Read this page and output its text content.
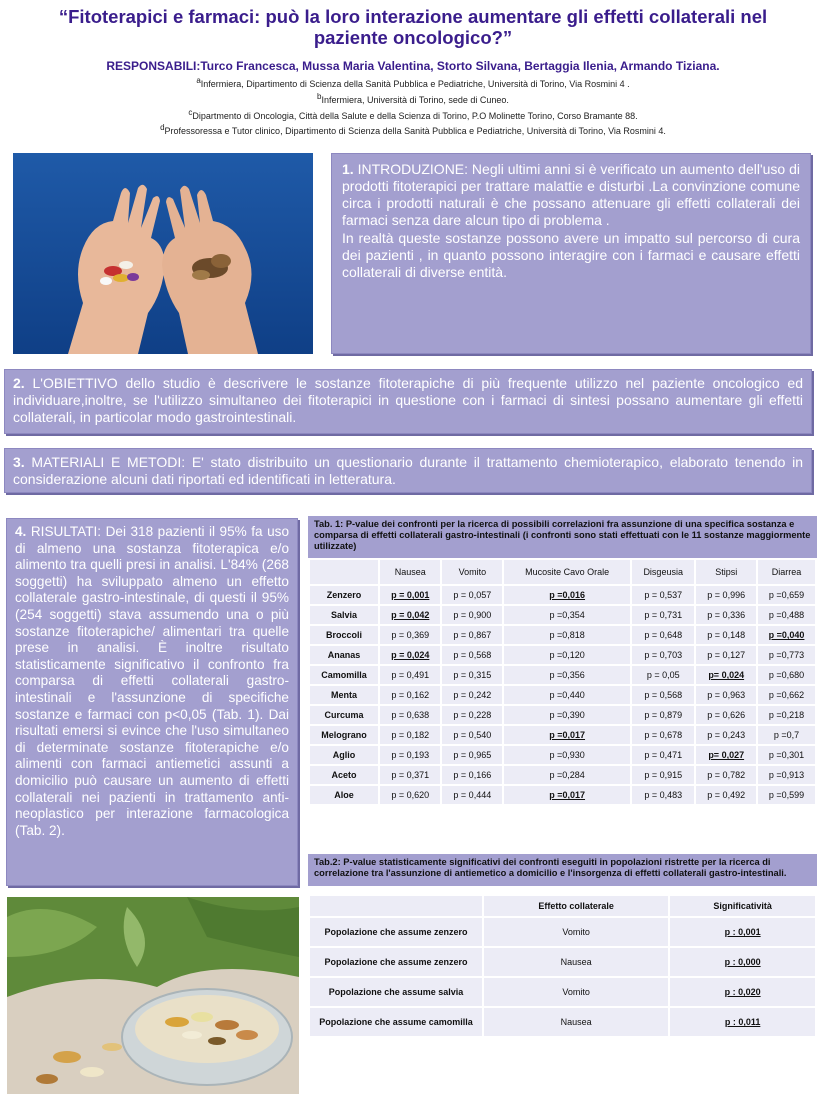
“Fitoterapici e farmaci: può la loro interazione aumentare gli effetti collaterali nel paziente oncologico?”
RESPONSABILI:Turco Francesca, Mussa Maria Valentina, Storto Silvana, Bertaggia Ilenia, Armando Tiziana.
$^a$Infermiera, Dipartimento di Scienza della Sanità Pubblica e Pediatriche, Università di Torino, Via Rosmini 4 .
$^b$Infermiera, Università di Torino, sede di Cuneo.
$^c$Dipartmento di Oncologia, Città della Salute e della Scienza di Torino, P.O Molinette Torino, Corso Bramante 88.
$^d$Professoressa e Tutor clinico, Dipartimento di Scienza della Sanità Pubblica e Pediatriche, Università di Torino, Via Rosmini 4.
1. INTRODUZIONE: Negli ultimi anni si è verificato un aumento dell'uso di prodotti fitoterapici per trattare malattie e disturbi .La convinzione comune circa i prodotti naturali è che possano attenuare gli effetti collaterali dei farmaci senza dare alcun tipo di problema .
In realtà queste sostanze possono avere un impatto sul percorso di cura dei pazienti , in quanto possono interagire con i farmaci e causare effetti collaterali di diverse entità.
2. L'OBIETTIVO dello studio è descrivere le sostanze fitoterapiche di più frequente utilizzo nel paziente oncologico ed individuare,inoltre, se l'utilizzo simultaneo dei fitoterapici in questione con i farmaci di sintesi possano aumentare gli effetti collaterali, in particolar modo gastrointestinali.
3. MATERIALI E METODI: E' stato distribuito un questionario durante il trattamento chemioterapico, elaborato tenendo in considerazione alcuni dati riportati ed identificati in letteratura.
4. RISULTATI: Dei 318 pazienti il 95% fa uso di almeno una sostanza fitoterapica e/o alimento tra quelli presi in analisi. L'84% (268 soggetti) ha sviluppato almeno un effetto collaterale gastro-intestinale, di questi il 95% (254 soggetti) stava assumendo una o più sostanze fitoterapiche/ alimentari tra quelle prese in analisi. È inoltre risultato statisticamente significativo il confronto fra comparsa di effetti collaterali gastro-intestinali e l'assunzione di specifiche sostanze e farmaci con p<0,05 (Tab. 1). Dai risultati emersi si evince che l'uso simultaneo di determinate sostanze fitoterapiche e/o alimenti con farmaci antiemetici assunti a domicilio può causare un aumento di effetti collaterali nei pazienti in trattamento anti-neoplastico per interazione farmacologica (Tab. 2).
Tab. 1: P-value dei confronti per la ricerca di possibili correlazioni fra assunzione di una specifica sostanza e comparsa di effetti collaterali gastro-intestinali (i confronti sono stati effettuati con le 11 sostanze maggiormente utilizzate)
	Nausea	Vomito	Mucosite Cavo Orale	Disgeusia	Stipsi	Diarrea
Zenzero	p = 0,001	p = 0,057	p =0,016	p = 0,537	p = 0,996	p =0,659
Salvia	p = 0,042	p = 0,900	p =0,354	p = 0,731	p = 0,336	p =0,488
Broccoli	p = 0,369	p = 0,867	p =0,818	p = 0,648	p = 0,148	p =0,040
Ananas	p = 0,024	p = 0,568	p =0,120	p = 0,703	p = 0,127	p =0,773
Camomilla	p = 0,491	p = 0,315	p =0,356	p = 0,05	p= 0,024	p =0,680
Menta	p = 0,162	p = 0,242	p =0,440	p = 0,568	p = 0,963	p =0,662
Curcuma	p = 0,638	p = 0,228	p =0,390	p = 0,879	p = 0,626	p =0,218
Melograno	p = 0,182	p = 0,540	p =0,017	p = 0,678	p = 0,243	p =0,7
Aglio	p = 0,193	p = 0,965	p =0,930	p = 0,471	p= 0,027	p =0,301
Aceto	p = 0,371	p = 0,166	p =0,284	p = 0,915	p = 0,782	p =0,913
Aloe	p = 0,620	p = 0,444	p =0,017	p = 0,483	p = 0,492	p =0,599
Tab.2: P-value statisticamente significativi dei confronti eseguiti in popolazioni ristrette per la ricerca di correlazione tra l'assunzione di antiemetico a domicilio e l'insorgenza di effetti collaterali gastro-intestinali.
	Effetto collaterale	Significatività
Popolazione che assume zenzero	Vomito	p : 0,001
Popolazione che assume zenzero	Nausea	p : 0,000
Popolazione che assume salvia	Vomito	p : 0,020
Popolazione che assume camomilla	Nausea	p : 0,011
